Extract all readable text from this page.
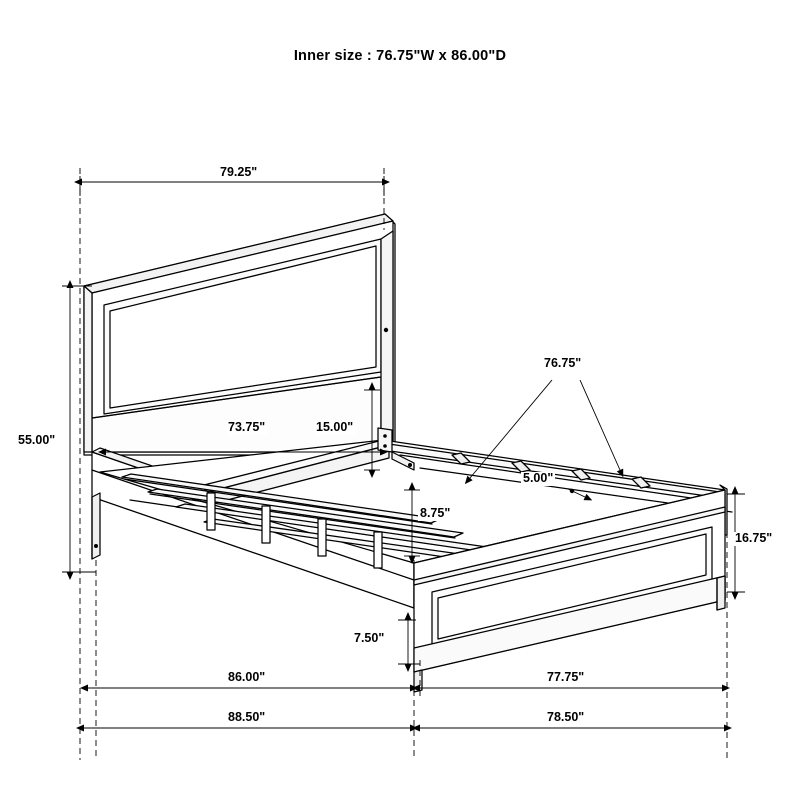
Inner size : 76.75"W x 86.00"D
79.25"
73.75"
55.00"
15.00"
76.75"
5.00"
8.75"
16.75"
7.50"
86.00"	77.75"
88.50"	78.50"
